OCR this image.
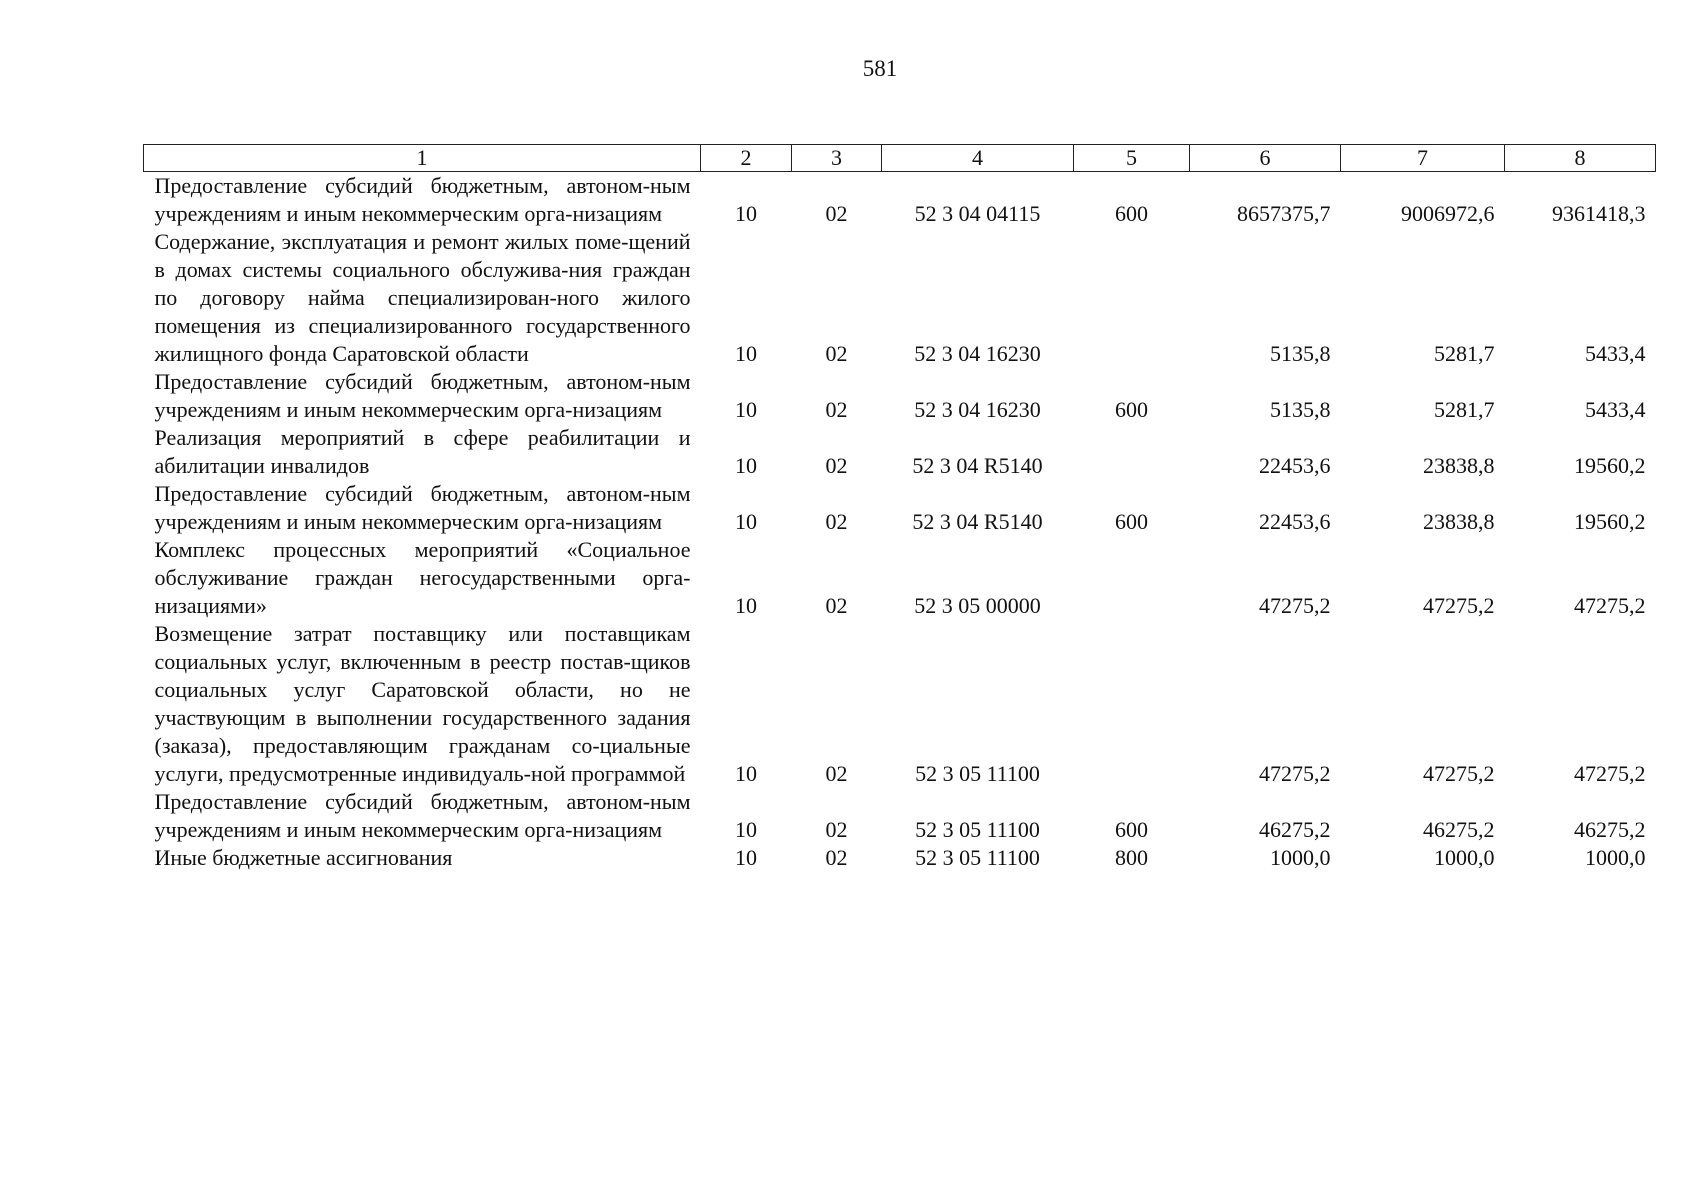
581
1	2	3	4	5	6	7	8
Предоставление субсидий бюджетным, автоном-ным учреждениям и иным некоммерческим орга-низациям	10	02	52 3 04 04115	600	8657375,7	9006972,6	9361418,3
Содержание, эксплуатация и ремонт жилых поме-щений в домах системы социального обслужива-ния граждан по договору найма специализирован-ного жилого помещения из специализированного государственного жилищного фонда Саратовской области	10	02	52 3 04 16230		5135,8	5281,7	5433,4
Предоставление субсидий бюджетным, автоном-ным учреждениям и иным некоммерческим орга-низациям	10	02	52 3 04 16230	600	5135,8	5281,7	5433,4
Реализация мероприятий в сфере реабилитации и абилитации инвалидов	10	02	52 3 04 R5140		22453,6	23838,8	19560,2
Предоставление субсидий бюджетным, автоном-ным учреждениям и иным некоммерческим орга-низациям	10	02	52 3 04 R5140	600	22453,6	23838,8	19560,2
Комплекс процессных мероприятий «Социальное обслуживание граждан негосударственными орга-низациями»	10	02	52 3 05 00000		47275,2	47275,2	47275,2
Возмещение затрат поставщику или поставщикам социальных услуг, включенным в реестр постав-щиков социальных услуг Саратовской области, но не участвующим в выполнении государственного задания (заказа), предоставляющим гражданам со-циальные услуги, предусмотренные индивидуаль-ной программой	10	02	52 3 05 11100		47275,2	47275,2	47275,2
Предоставление субсидий бюджетным, автоном-ным учреждениям и иным некоммерческим орга-низациям	10	02	52 3 05 11100	600	46275,2	46275,2	46275,2
Иные бюджетные ассигнования	10	02	52 3 05 11100	800	1000,0	1000,0	1000,0
